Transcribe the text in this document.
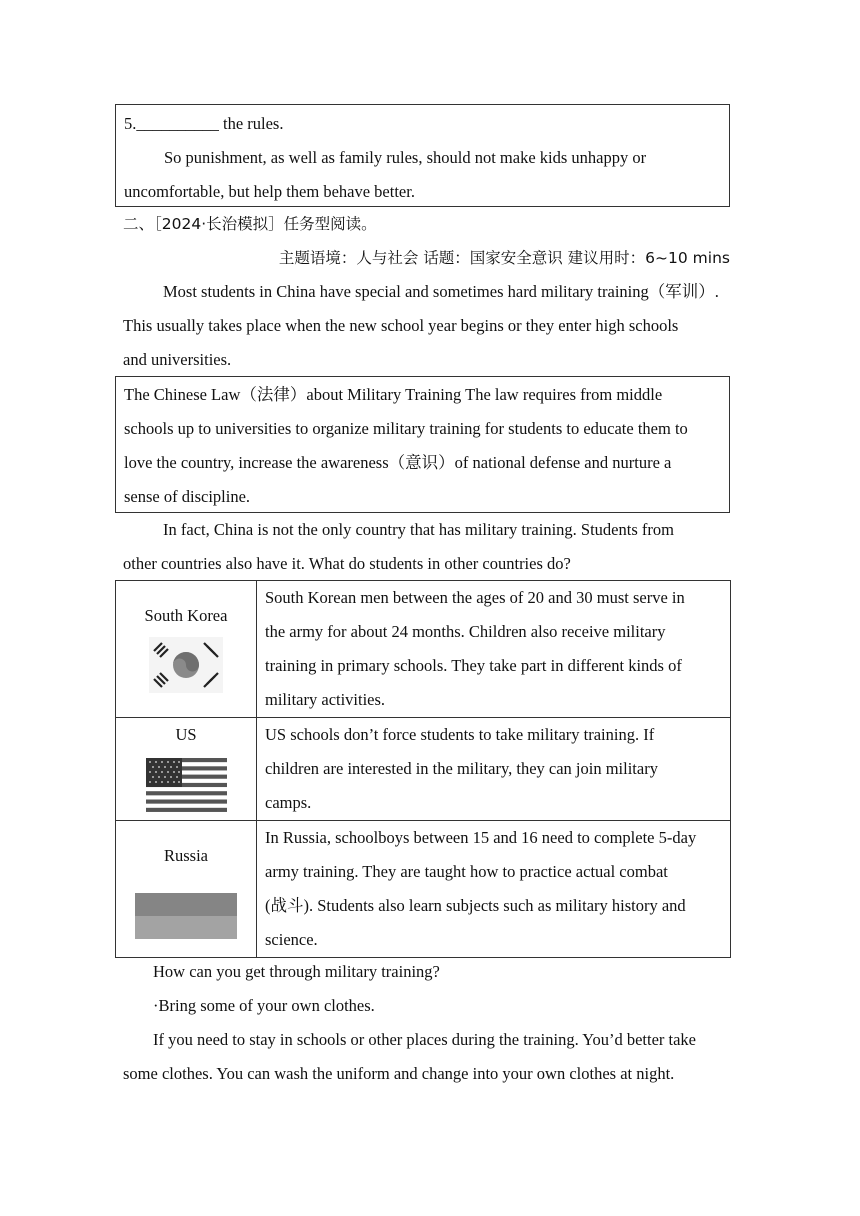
5.__________ the rules.
So punishment, as well as family rules, should not make kids unhappy or
uncomfortable, but help them behave better.
二、［2024·长治模拟］任务型阅读。
主题语境：人与社会 话题：国家安全意识 建议用时：6~10 mins
Most students in China have special and sometimes hard military training（军训）.
This usually takes place when the new school year begins or they enter high schools
and universities.
The Chinese Law（法律）about Military Training The law requires from middle
schools up to universities to organize military training for students to educate them to
love the country, increase the awareness（意识）of national defense and nurture a
sense of discipline.
In fact, China is not the only country that has military training. Students from
other countries also have it. What do students in other countries do?
South Korea	South Korean men between the ages of 20 and 30 must serve in
the army for about 24 months. Children also receive military
training in primary schools. They take part in different kinds of
military activities.

US	US schools don’t force students to take military training. If
children are interested in the military, they can join military
camps.

Russia	In Russia, schoolboys between 15 and 16 need to complete 5-day
army training. They are taught how to practice actual combat
(战斗). Students also learn subjects such as military history and
science.
How can you get through military training?
·Bring some of your own clothes.
If you need to stay in schools or other places during the training. You’d better take
some clothes. You can wash the uniform and change into your own clothes at night.
